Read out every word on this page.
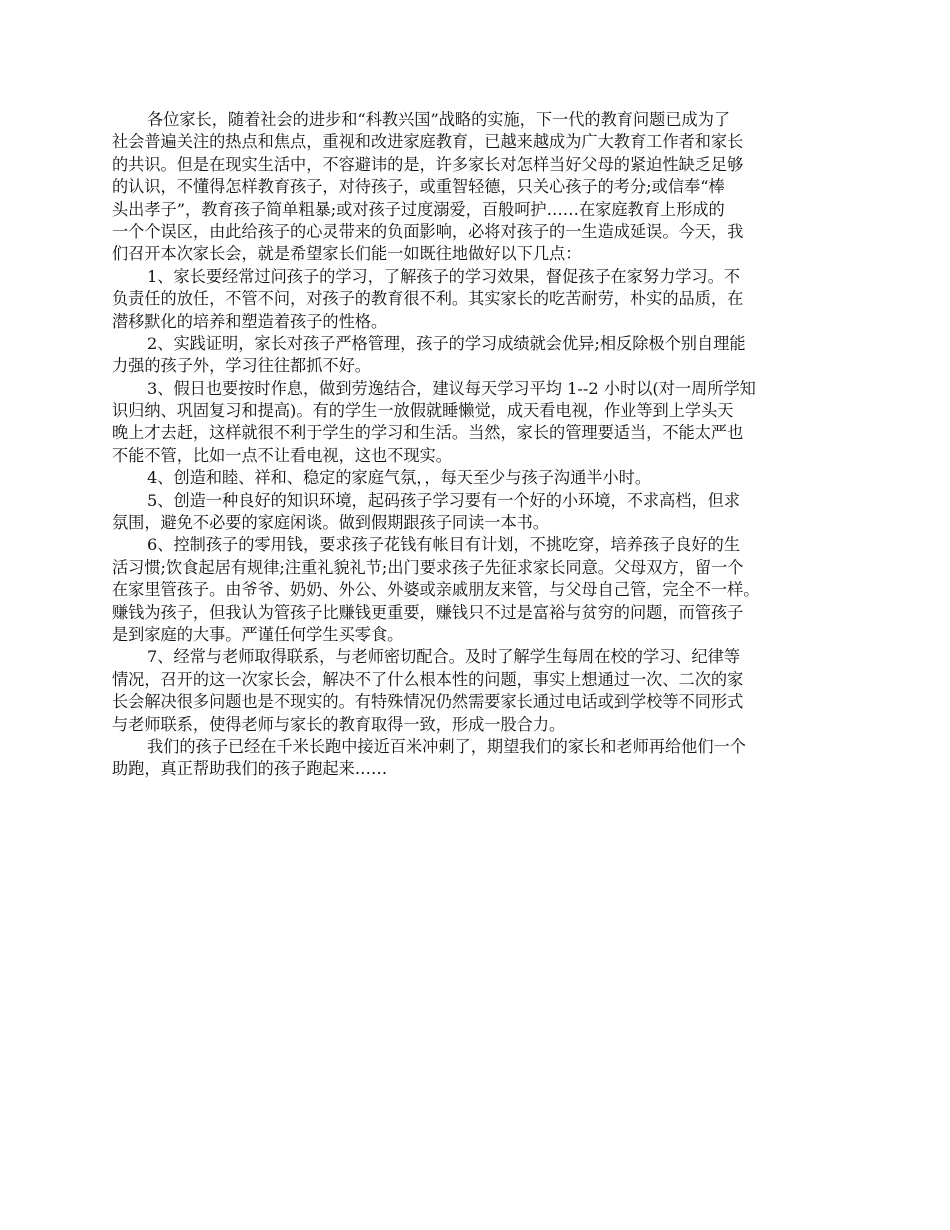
各位家长，随着社会的进步和“科教兴国”战略的实施，下一代的教育问题已成为了
社会普遍关注的热点和焦点，重视和改进家庭教育，已越来越成为广大教育工作者和家长
的共识。但是在现实生活中，不容避讳的是，许多家长对怎样当好父母的紧迫性缺乏足够
的认识，不懂得怎样教育孩子，对待孩子，或重智轻德，只关心孩子的考分;或信奉“棒
头出孝子”，教育孩子简单粗暴;或对孩子过度溺爱，百般呵护……在家庭教育上形成的
一个个误区，由此给孩子的心灵带来的负面影响，必将对孩子的一生造成延误。今天，我
们召开本次家长会，就是希望家长们能一如既往地做好以下几点：
1、家长要经常过问孩子的学习，了解孩子的学习效果，督促孩子在家努力学习。不
负责任的放任，不管不问，对孩子的教育很不利。其实家长的吃苦耐劳，朴实的品质，在
潜移默化的培养和塑造着孩子的性格。
2、实践证明，家长对孩子严格管理，孩子的学习成绩就会优异;相反除极个别自理能
力强的孩子外，学习往往都抓不好。
3、假日也要按时作息，做到劳逸结合，建议每天学习平均 1--2 小时以(对一周所学知
识归纳、巩固复习和提高)。有的学生一放假就睡懒觉，成天看电视，作业等到上学头天
晚上才去赶，这样就很不利于学生的学习和生活。当然，家长的管理要适当，不能太严也
不能不管，比如一点不让看电视，这也不现实。
4、创造和睦、祥和、稳定的家庭气氛，，每天至少与孩子沟通半小时。
5、创造一种良好的知识环境，起码孩子学习要有一个好的小环境，不求高档，但求
氛围，避免不必要的家庭闲谈。做到假期跟孩子同读一本书。
6、控制孩子的零用钱，要求孩子花钱有帐目有计划，不挑吃穿，培养孩子良好的生
活习惯;饮食起居有规律;注重礼貌礼节;出门要求孩子先征求家长同意。父母双方，留一个
在家里管孩子。由爷爷、奶奶、外公、外婆或亲戚朋友来管，与父母自己管，完全不一样。
赚钱为孩子，但我认为管孩子比赚钱更重要，赚钱只不过是富裕与贫穷的问题，而管孩子
是到家庭的大事。严谨任何学生买零食。
7、经常与老师取得联系，与老师密切配合。及时了解学生每周在校的学习、纪律等
情况，召开的这一次家长会，解决不了什么根本性的问题，事实上想通过一次、二次的家
长会解决很多问题也是不现实的。有特殊情况仍然需要家长通过电话或到学校等不同形式
与老师联系，使得老师与家长的教育取得一致，形成一股合力。
我们的孩子已经在千米长跑中接近百米冲刺了，期望我们的家长和老师再给他们一个
助跑，真正帮助我们的孩子跑起来……
